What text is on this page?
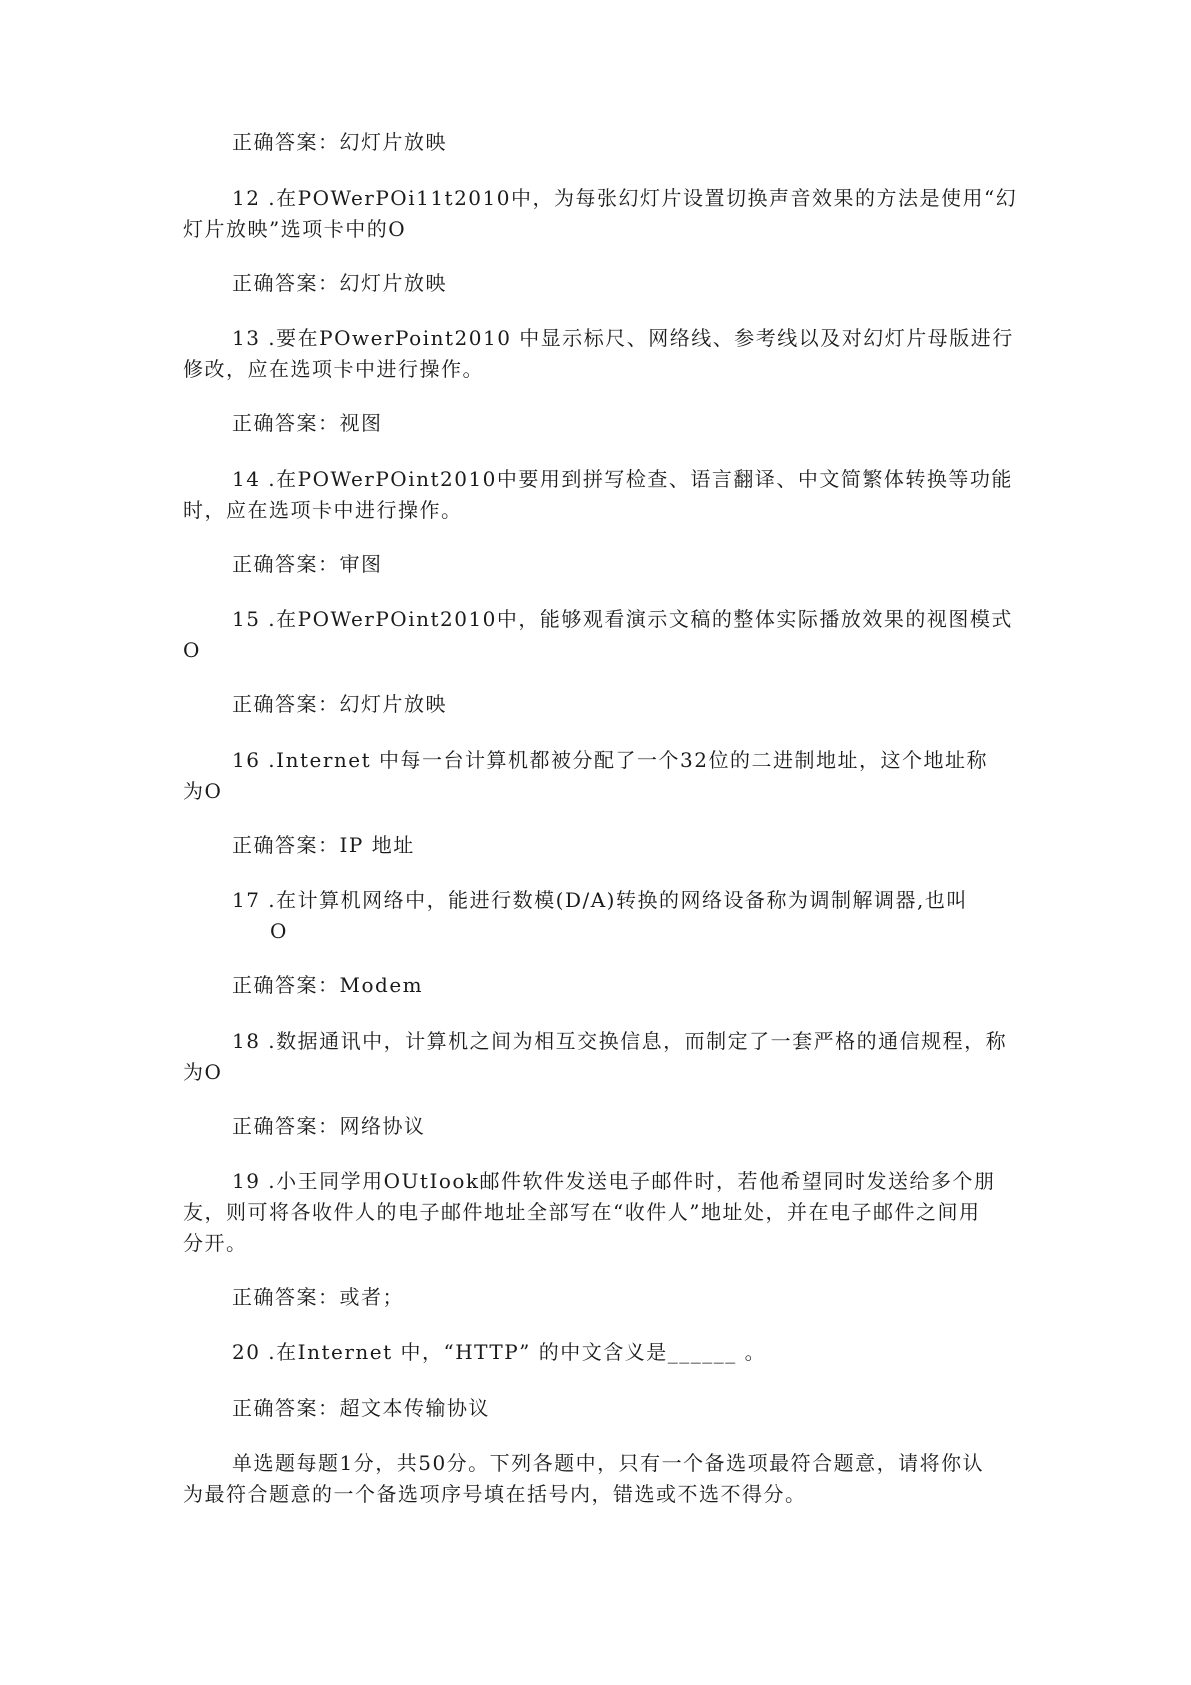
正确答案：幻灯片放映
12 .在POWerPOi11t2010中，为每张幻灯片设置切换声音效果的方法是使用“幻
灯片放映”选项卡中的O
正确答案：幻灯片放映
13 .要在POwerPoint2010 中显示标尺、网络线、参考线以及对幻灯片母版进行
修改，应在选项卡中进行操作。
正确答案：视图
14 .在POWerPOint2010中要用到拼写检查、语言翻译、中文简繁体转换等功能
时，应在选项卡中进行操作。
正确答案：审图
15 .在POWerPOint2010中，能够观看演示文稿的整体实际播放效果的视图模式
O
正确答案：幻灯片放映
16 .Internet 中每一台计算机都被分配了一个32位的二进制地址，这个地址称
为O
正确答案：IP 地址
17 .在计算机网络中，能进行数模(D/A)转换的网络设备称为调制解调器,也叫
O
正确答案：Modem
18 .数据通讯中，计算机之间为相互交换信息，而制定了一套严格的通信规程，称
为O
正确答案：网络协议
19 .小王同学用OUtIook邮件软件发送电子邮件时，若他希望同时发送给多个朋
友，则可将各收件人的电子邮件地址全部写在“收件人”地址处，并在电子邮件之间用
分开。
正确答案：或者；
20 .在Internet 中，“HTTP” 的中文含义是______ 。
正确答案：超文本传输协议
单选题每题1分，共50分。下列各题中，只有一个备选项最符合题意，请将你认
为最符合题意的一个备选项序号填在括号内，错选或不选不得分。
